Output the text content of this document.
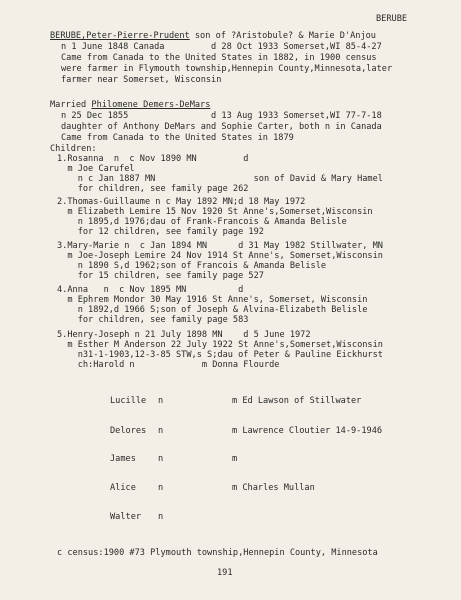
BERUBE
BERUBE,Peter-Pierre-Prudent son of ?Aristobule? & Marie D'Anjou
n 1 June 1848 Canada         d 28 Oct 1933 Somerset,WI 85-4-27
Came from Canada to the United States in 1882, in 1900 census
were farmer in Flymouth township,Hennepin County,Minnesota,later
farmer near Somerset, Wisconsin
Married Philomene Demers-DeMars
n 25 Dec 1855                d 13 Aug 1933 Somerset,WI 77-7-18
daughter of Anthony DeMars and Sophie Carter, both n in Canada
Came from Canada to the United States in 1879
Children:
1.Rosanna  n  c Nov 1890 MN         d
m Joe Carufel
n c Jan 1887 MN                   son of David & Mary Hamel
for children, see family page 262
2.Thomas-Guillaume n c May 1892 MN;d 18 May 1972
m Elizabeth Lemire 15 Nov 1920 St Anne's,Somerset,Wisconsin
n 1895,d 1976;dau of Frank-Francois & Amanda Belisle
for 12 children, see family page 192
3.Mary-Marie n  c Jan 1894 MN      d 31 May 1982 Stillwater, MN
m Joe-Joseph Lemire 24 Nov 1914 St Anne's, Somerset,Wisconsin
n 1890 S,d 1962;son of Francois & Amanda Belisle
for 15 children, see family page 527
4.Anna   n  c Nov 1895 MN          d
m Ephrem Mondor 30 May 1916 St Anne's, Somerset, Wisconsin
n 1892,d 1966 S;son of Joseph & Alvina-Elizabeth Belisle
for children, see family page 583
5.Henry-Joseph n 21 July 1898 MN    d 5 June 1972
m Esther M Anderson 22 July 1922 St Anne's,Somerset,Wisconsin
n31-1-1903,12-3-85 STW,s S;dau of Peter & Pauline Eickhurst
ch:Harold n             m Donna Flourde
Lucille n	m Ed Lawson of Stillwater
Delores n	m Lawrence Cloutier 14-9-1946
James	n	m
Alice	n	m Charles Mullan
Walter n
c census:1900 #73 Plymouth township,Hennepin County, Minnesota
191
